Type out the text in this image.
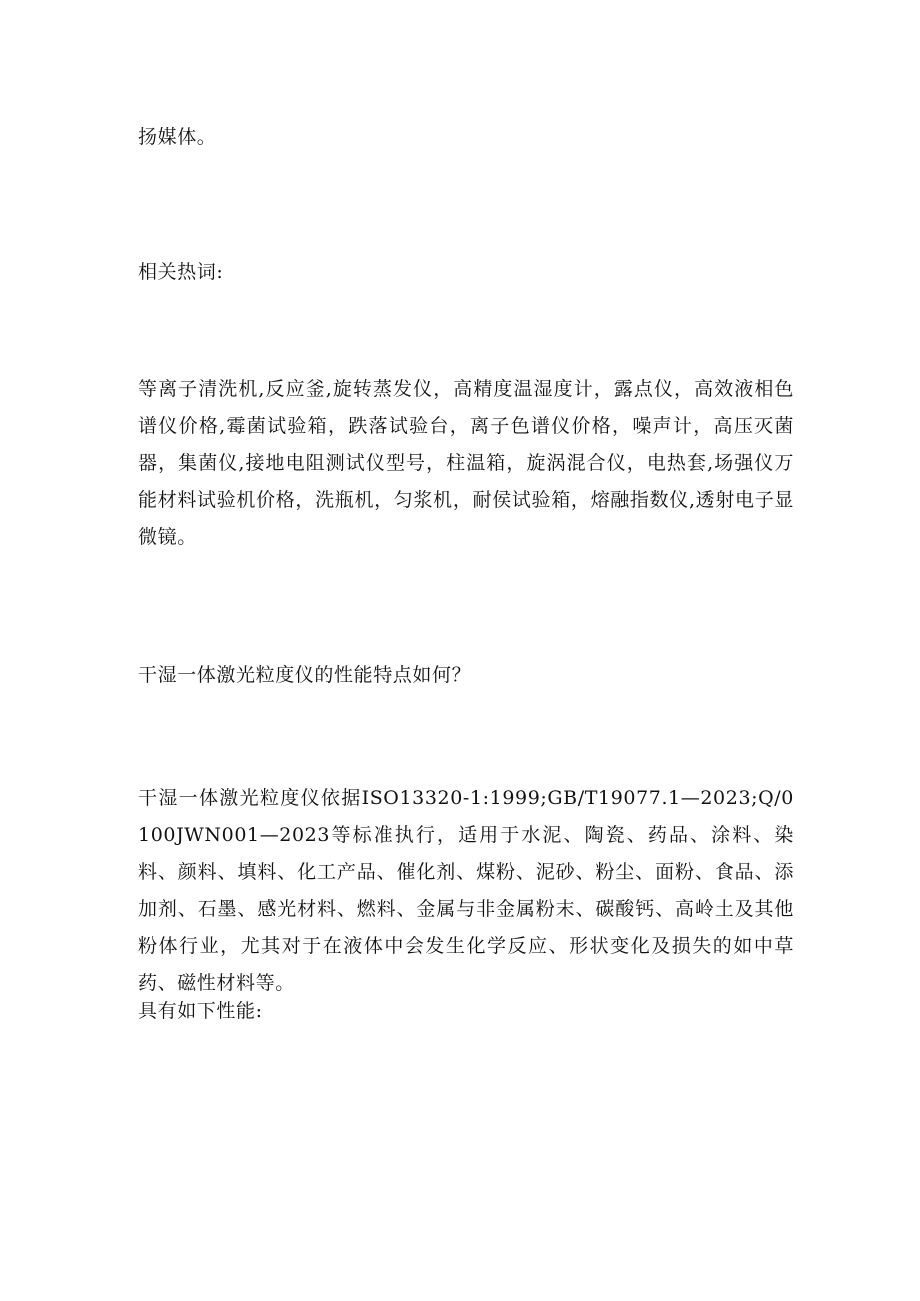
扬媒体。

相关热词:

等离子清洗机,反应釜,旋转蒸发仪，高精度温湿度计，露点仪，高效液相色谱仪价格,霉菌试验箱，跌落试验台，离子色谱仪价格，噪声计，高压灭菌器，集菌仪,接地电阻测试仪型号，柱温箱，旋涡混合仪，电热套,场强仪万能材料试验机价格，洗瓶机，匀浆机，耐侯试验箱，熔融指数仪,透射电子显微镜。

干湿一体激光粒度仪的性能特点如何？

干湿一体激光粒度仪依据ISO13320-1:1999;GB/T19077.1—2023;Q/0100JWN001—2023等标准执行，适用于水泥、陶瓷、药品、涂料、染料、颜料、填料、化工产品、催化剂、煤粉、泥砂、粉尘、面粉、食品、添加剂、石墨、感光材料、燃料、金属与非金属粉末、碳酸钙、高岭土及其他粉体行业，尤其对于在液体中会发生化学反应、形状变化及损失的如中草药、磁性材料等。

具有如下性能:
